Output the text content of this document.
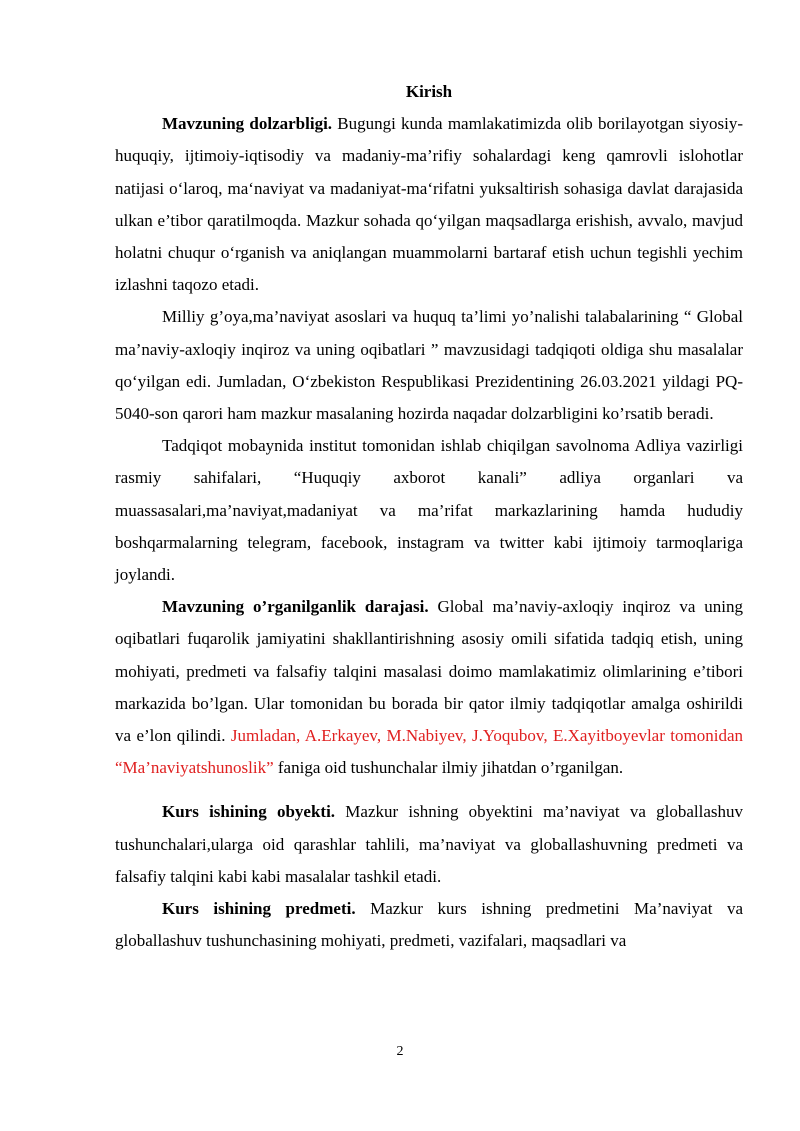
Kirish

Mavzuning dolzarbligi. Bugungi kunda mamlakatimizda olib borilayotgan siyosiy-huquqiy, ijtimoiy-iqtisodiy va madaniy-ma’rifiy sohalardagi keng qamrovli islohotlar natijasi oʻlaroq, maʻnaviyat va madaniyat-maʻrifatni yuksaltirish sohasiga davlat darajasida ulkan e’tibor qaratilmoqda. Mazkur sohada qoʻyilgan maqsadlarga erishish, avvalo, mavjud holatni chuqur oʻrganish va aniqlangan muammolarni bartaraf etish uchun tegishli yechim izlashni taqozo etadi.

Milliy g’oya,ma’naviyat asoslari va huquq ta’limi yo’nalishi talabalarining “ Global ma’naviy-axloqiy inqiroz va uning oqibatlari ” mavzusidagi tadqiqoti oldiga shu masalalar qoʻyilgan edi. Jumladan, Oʻzbekiston Respublikasi Prezidentining 26.03.2021 yildagi PQ-5040-son qarori ham mazkur masalaning hozirda naqadar dolzarbligini ko’rsatib beradi.

Tadqiqot mobaynida institut tomonidan ishlab chiqilgan savolnoma Adliya vazirligi rasmiy sahifalari, “Huquqiy axborot kanali” adliya organlari va muassasalari,ma’naviyat,madaniyat va ma’rifat markazlarining hamda hududiy boshqarmalarning telegram, facebook, instagram va twitter kabi ijtimoiy tarmoqlariga joylandi.

Mavzuning o’rganilganlik darajasi. Global ma’naviy-axloqiy inqiroz va uning oqibatlari fuqarolik jamiyatini shakllantirishning asosiy omili sifatida tadqiq etish, uning mohiyati, predmeti va falsafiy talqini masalasi doimo mamlakatimiz olimlarining e’tibori markazida bo’lgan. Ular tomonidan bu borada bir qator ilmiy tadqiqotlar amalga oshirildi va e’lon qilindi. Jumladan, A.Erkayev, M.Nabiyev, J.Yoqubov, E.Xayitboyevlar tomonidan “Ma’naviyatshunoslik” faniga oid tushunchalar ilmiy jihatdan o’rganilgan.

Kurs ishining obyekti. Mazkur ishning obyektini ma’naviyat va globallashuv tushunchalari,ularga oid qarashlar tahlili, ma’naviyat va globallashuvning predmeti va falsafiy talqini kabi kabi masalalar tashkil etadi.

Kurs ishining predmeti. Mazkur kurs ishning predmetini Ma’naviyat va globallashuv tushunchasining mohiyati, predmeti, vazifalari, maqsadlari va

2
